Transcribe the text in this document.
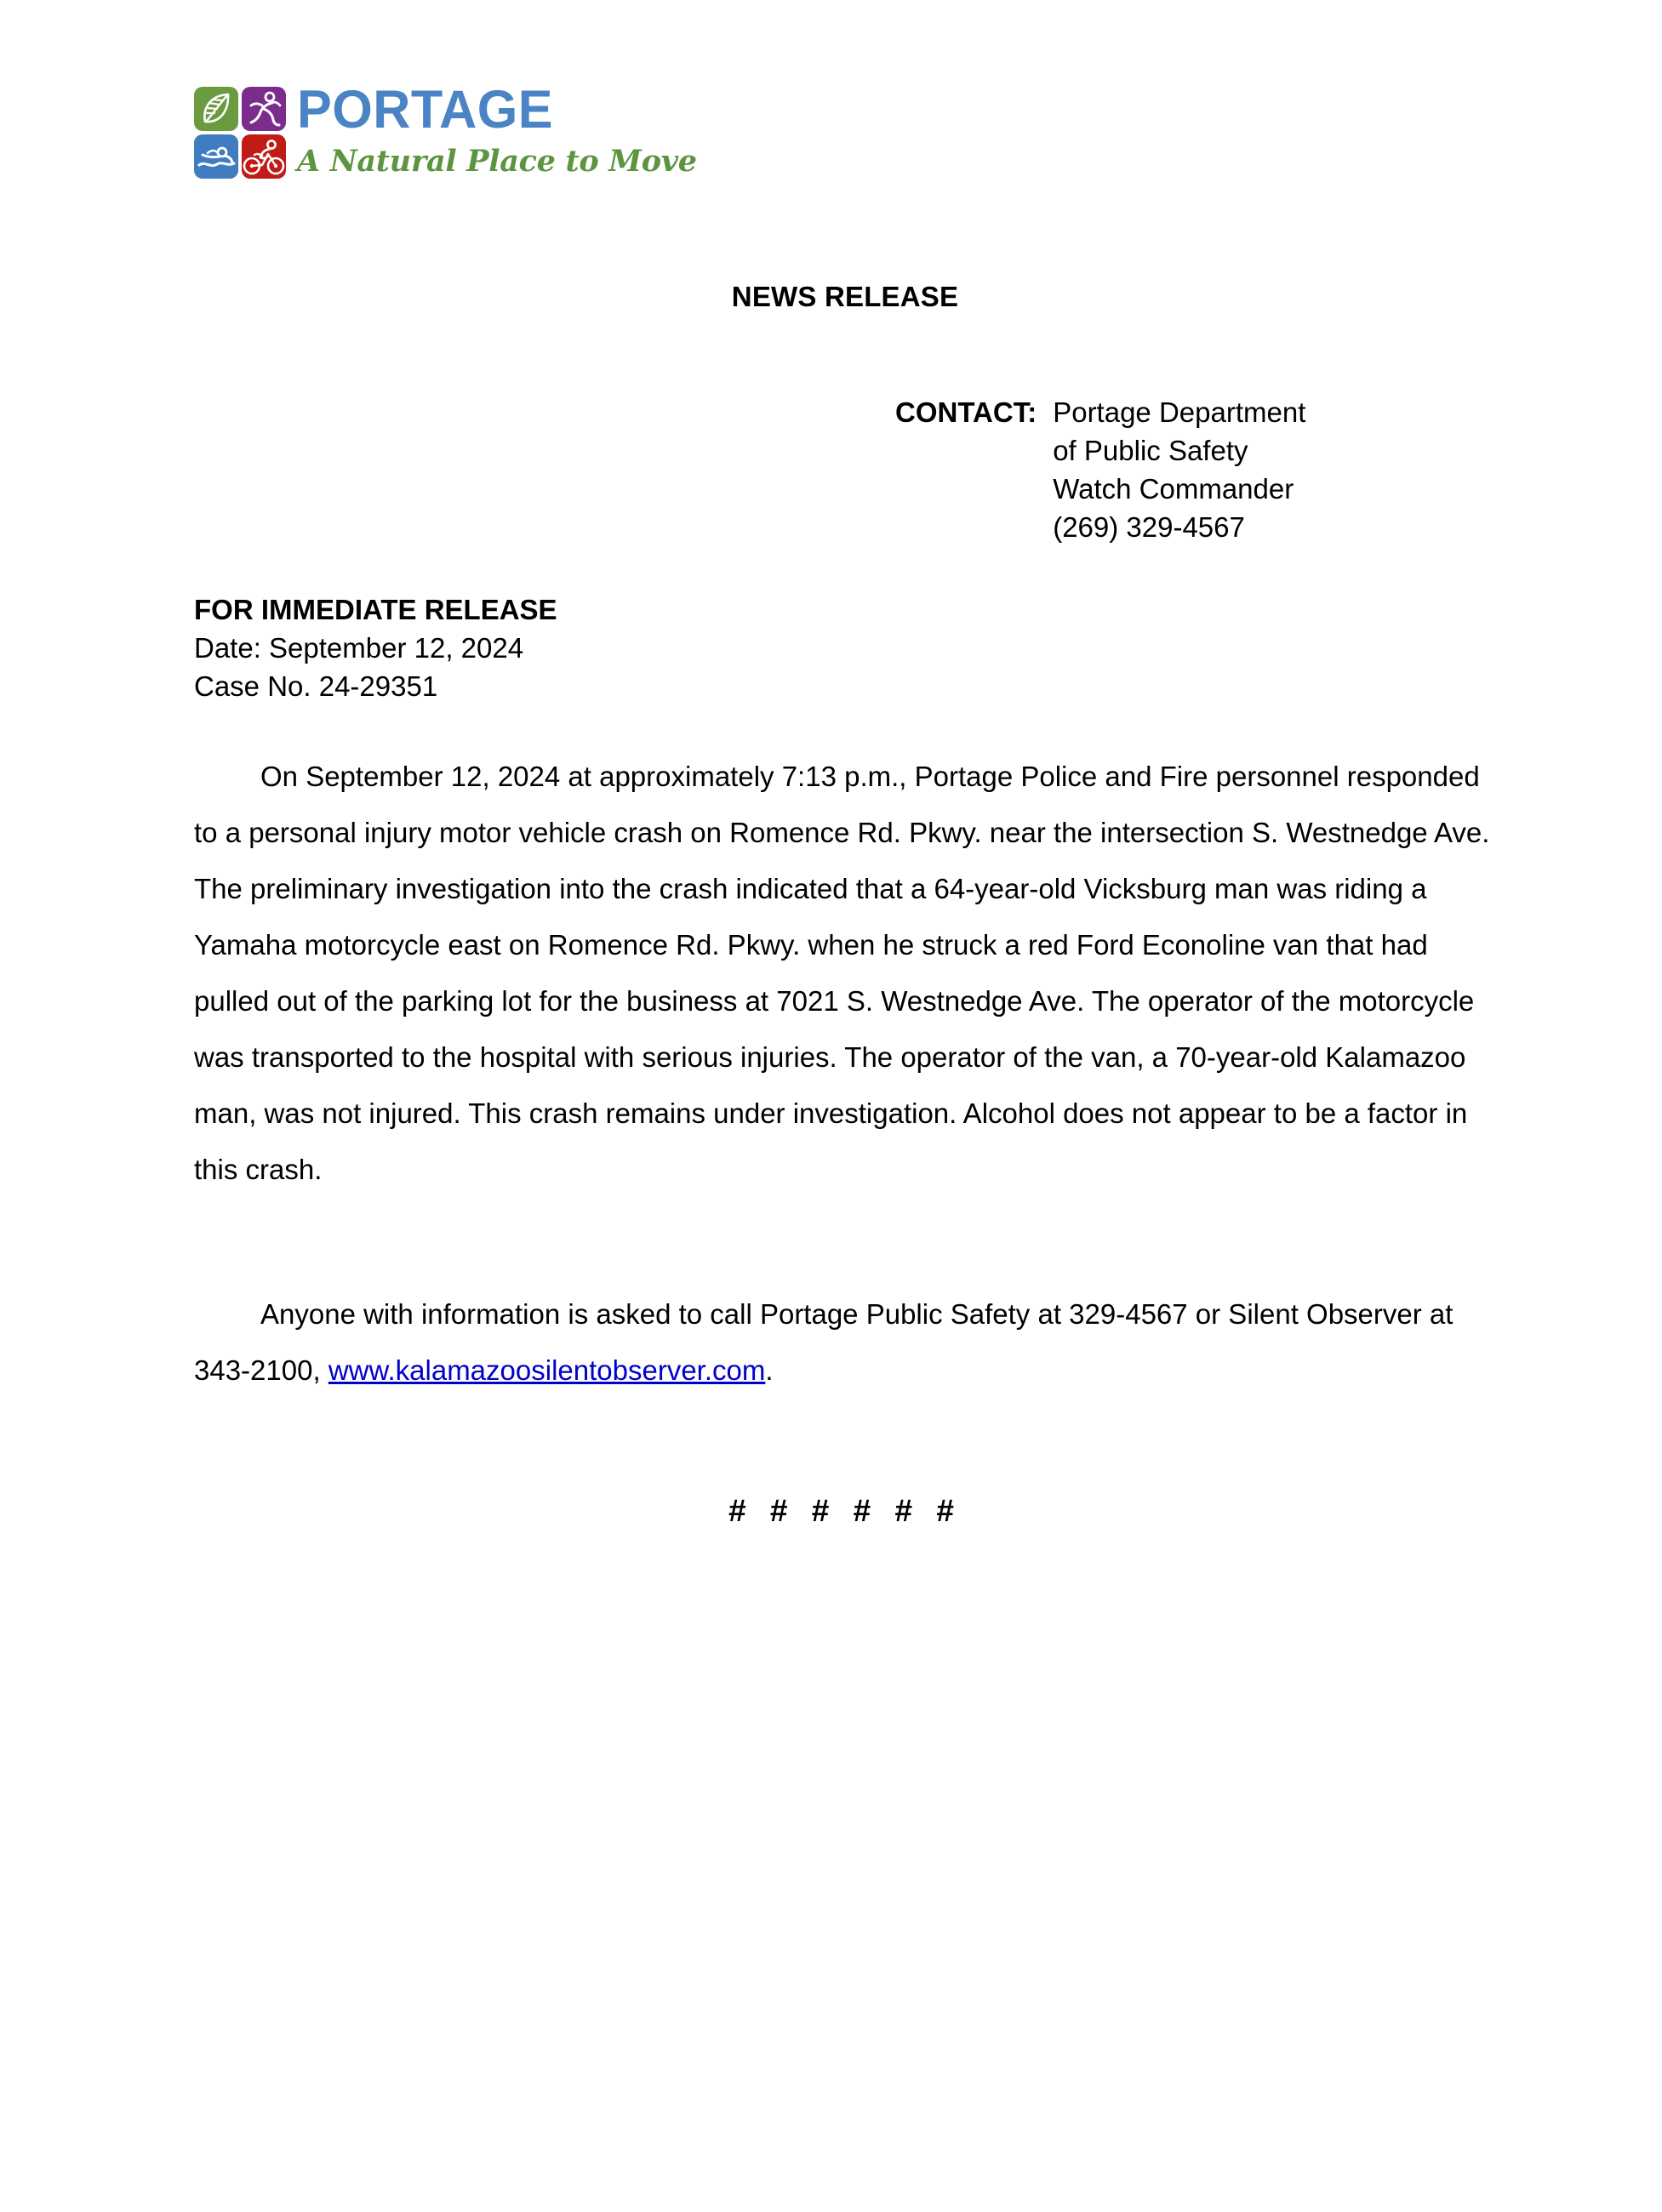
PORTAGE
A Natural Place to Move
NEWS RELEASE
CONTACT: Portage Department
of Public Safety
Watch Commander
(269) 329-4567
FOR IMMEDIATE RELEASE
Date: September 12, 2024
Case No. 24-29351

On September 12, 2024 at approximately 7:13 p.m., Portage Police and Fire personnel responded to a personal injury motor vehicle crash on Romence Rd. Pkwy. near the intersection S. Westnedge Ave. The preliminary investigation into the crash indicated that a 64-year-old Vicksburg man was riding a Yamaha motorcycle east on Romence Rd. Pkwy. when he struck a red Ford Econoline van that had pulled out of the parking lot for the business at 7021 S. Westnedge Ave. The operator of the motorcycle was transported to the hospital with serious injuries. The operator of the van, a 70-year-old Kalamazoo man, was not injured. This crash remains under investigation. Alcohol does not appear to be a factor in this crash.

Anyone with information is asked to call Portage Public Safety at 329-4567 or Silent Observer at 343-2100, www.kalamazoosilentobserver.com.

# # # # # #
